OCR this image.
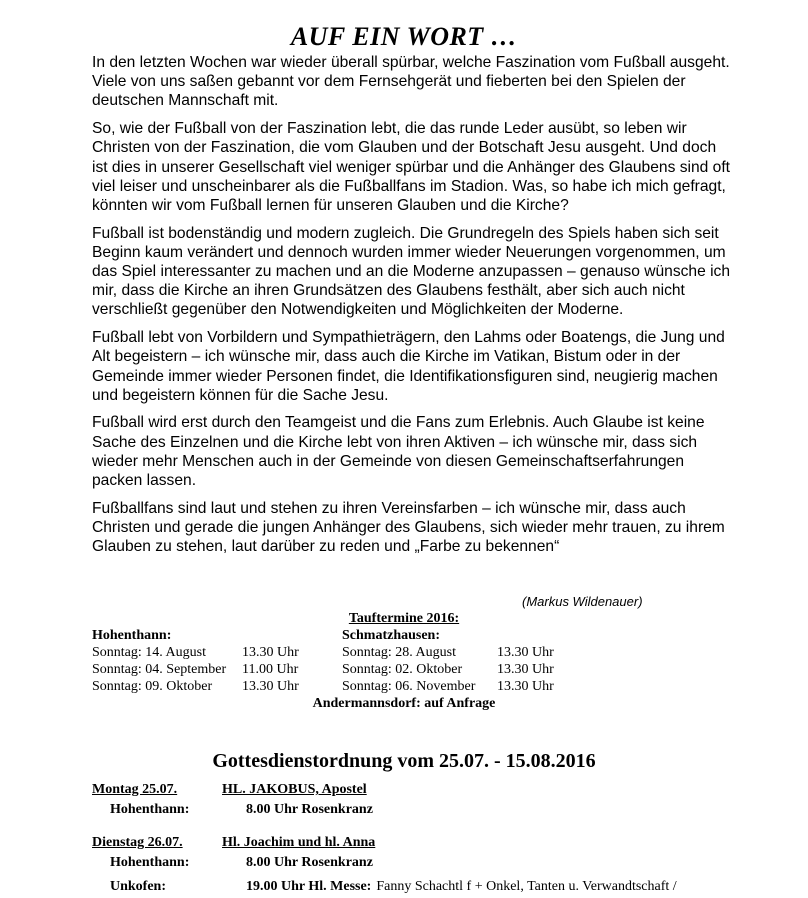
AUF EIN WORT …

In den letzten Wochen war wieder überall spürbar, welche Faszination vom Fußball ausgeht. Viele von uns saßen gebannt vor dem Fernsehgerät und fieberten bei den Spielen der deutschen Mannschaft mit.

So, wie der Fußball von der Faszination lebt, die das runde Leder ausübt, so leben wir Christen von der Faszination, die vom Glauben und der Botschaft Jesu ausgeht. Und doch ist dies in unserer Gesellschaft viel weniger spürbar und die Anhänger des Glaubens sind oft viel leiser und unscheinbarer als die Fußballfans im Stadion. Was, so habe ich mich gefragt, könnten wir vom Fußball lernen für unseren Glauben und die Kirche?

Fußball ist bodenständig und modern zugleich. Die Grundregeln des Spiels haben sich seit Beginn kaum verändert und dennoch wurden immer wieder Neuerungen vorgenommen, um das Spiel interessanter zu machen und an die Moderne anzupassen – genauso wünsche ich mir, dass die Kirche an ihren Grundsätzen des Glaubens festhält, aber sich auch nicht verschließt gegenüber den Notwendigkeiten und Möglichkeiten der Moderne.

Fußball lebt von Vorbildern und Sympathieträgern, den Lahms oder Boatengs, die Jung und Alt begeistern – ich wünsche mir, dass auch die Kirche im Vatikan, Bistum oder in der Gemeinde immer wieder Personen findet, die Identifikationsfiguren sind, neugierig machen und begeistern können für die Sache Jesu.

Fußball wird erst durch den Teamgeist und die Fans zum Erlebnis. Auch Glaube ist keine Sache des Einzelnen und die Kirche lebt von ihren Aktiven – ich wünsche mir, dass sich wieder mehr Menschen auch in der Gemeinde von diesen Gemeinschaftserfahrungen packen lassen.

Fußballfans sind laut und stehen zu ihren Vereinsfarben – ich wünsche mir, dass auch Christen und gerade die jungen Anhänger des Glaubens, sich wieder mehr trauen, zu ihrem Glauben zu stehen, laut darüber zu reden und „Farbe zu bekennen“

(Markus Wildenauer)
Tauftermine 2016:
Hohenthann:
Sonntag: 14. August	13.30 Uhr
Sonntag: 04. September	11.00 Uhr
Sonntag: 09. Oktober	13.30 Uhr
Schmatzhausen:
Sonntag: 28. August	13.30 Uhr
Sonntag: 02. Oktober	13.30 Uhr
Sonntag: 06. November	13.30 Uhr
Andermannsdorf: auf Anfrage
Gottesdienstordnung vom 25.07. - 15.08.2016
Montag 25.07.	HL. JAKOBUS, Apostel
Hohenthann:	8.00 Uhr Rosenkranz
Dienstag 26.07.	Hl. Joachim und hl. Anna
Hohenthann:	8.00 Uhr Rosenkranz
Unkofen:	19.00 Uhr Hl. Messe: Fanny Schachtl f + Onkel, Tanten u. Verwandtschaft /
